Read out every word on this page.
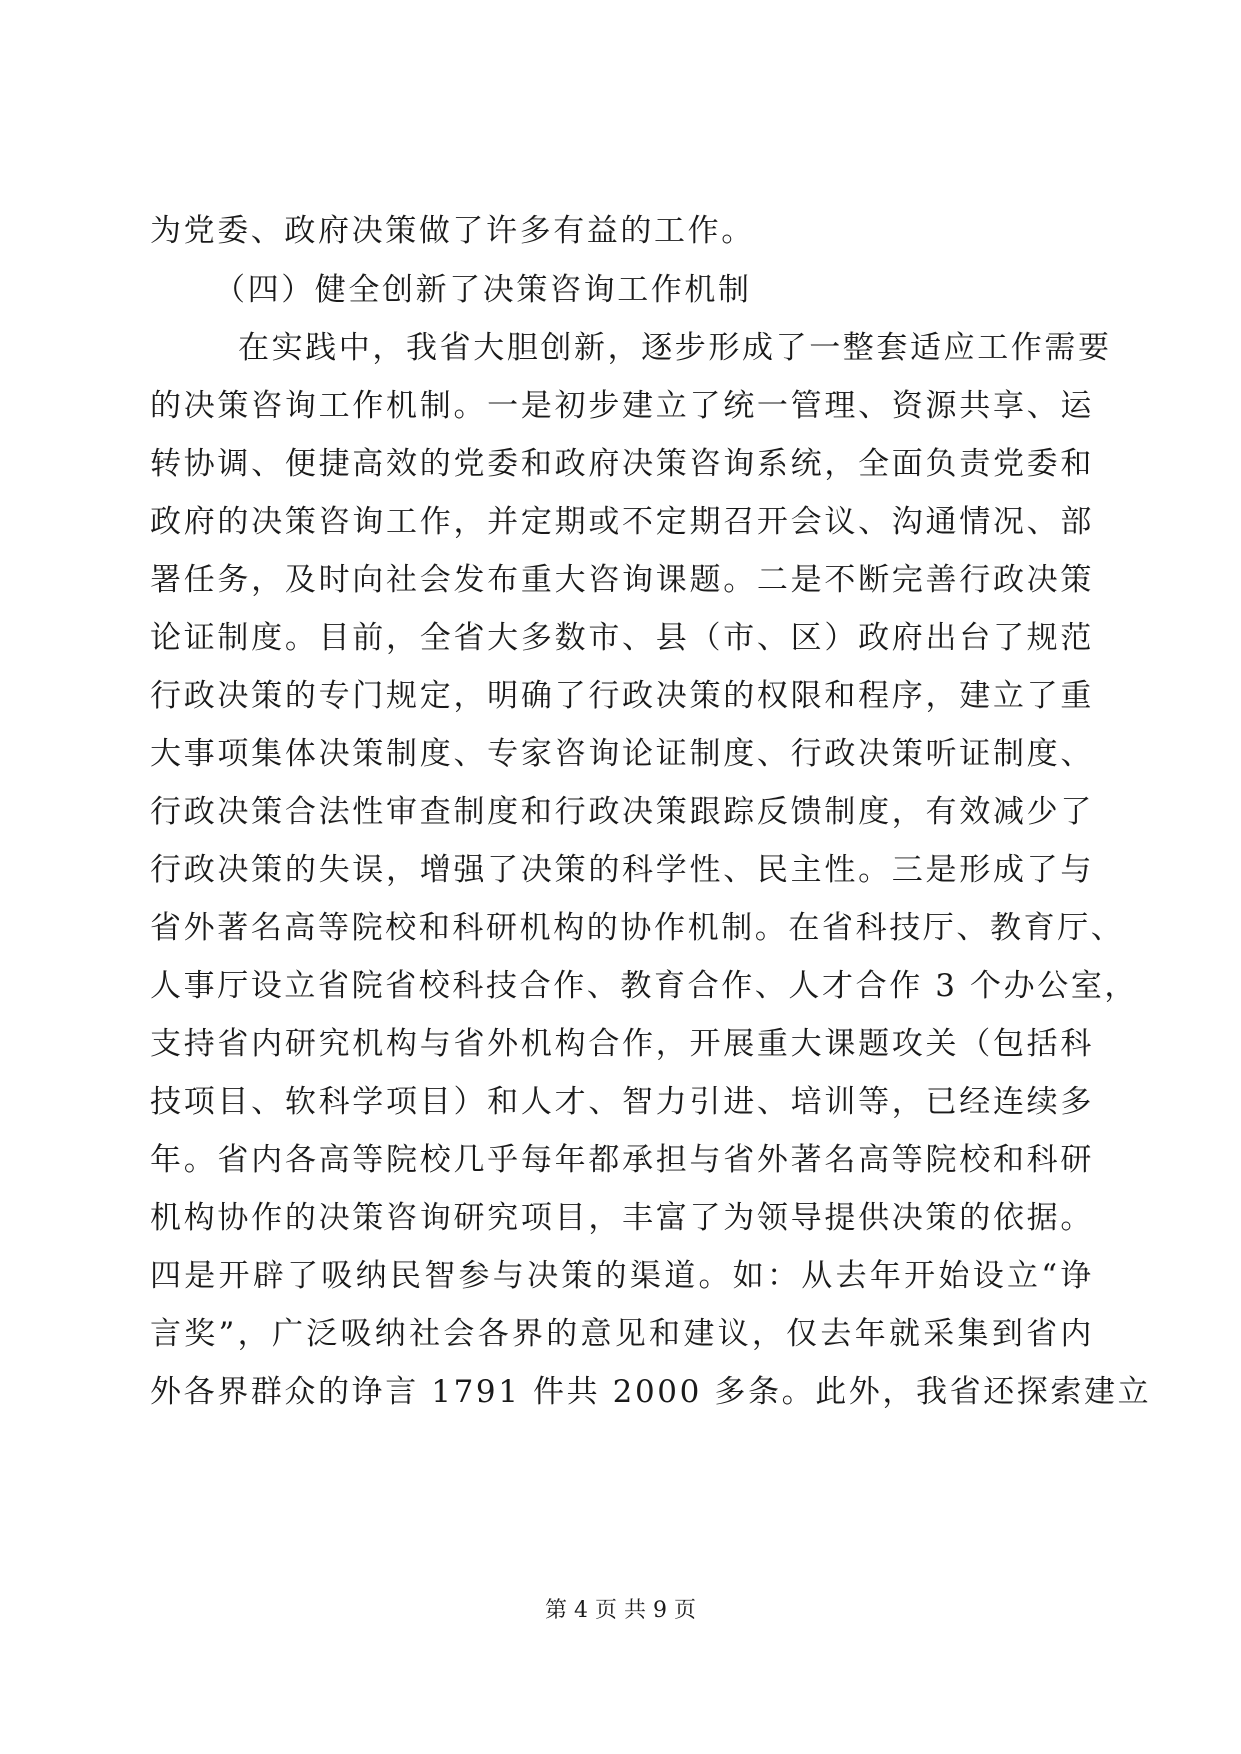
为党委、政府决策做了许多有益的工作。
（四）健全创新了决策咨询工作机制
在实践中，我省大胆创新，逐步形成了一整套适应工作需要
的决策咨询工作机制。一是初步建立了统一管理、资源共享、运
转协调、便捷高效的党委和政府决策咨询系统，全面负责党委和
政府的决策咨询工作，并定期或不定期召开会议、沟通情况、部
署任务，及时向社会发布重大咨询课题。二是不断完善行政决策
论证制度。目前，全省大多数市、县（市、区）政府出台了规范
行政决策的专门规定，明确了行政决策的权限和程序，建立了重
大事项集体决策制度、专家咨询论证制度、行政决策听证制度、
行政决策合法性审查制度和行政决策跟踪反馈制度，有效减少了
行政决策的失误，增强了决策的科学性、民主性。三是形成了与
省外著名高等院校和科研机构的协作机制。在省科技厅、教育厅、
人事厅设立省院省校科技合作、教育合作、人才合作 3 个办公室，
支持省内研究机构与省外机构合作，开展重大课题攻关（包括科
技项目、软科学项目）和人才、智力引进、培训等，已经连续多
年。省内各高等院校几乎每年都承担与省外著名高等院校和科研
机构协作的决策咨询研究项目，丰富了为领导提供决策的依据。
四是开辟了吸纳民智参与决策的渠道。如：从去年开始设立“诤
言奖”，广泛吸纳社会各界的意见和建议，仅去年就采集到省内
外各界群众的诤言 1791 件共 2000 多条。此外，我省还探索建立
第 4 页 共 9 页
